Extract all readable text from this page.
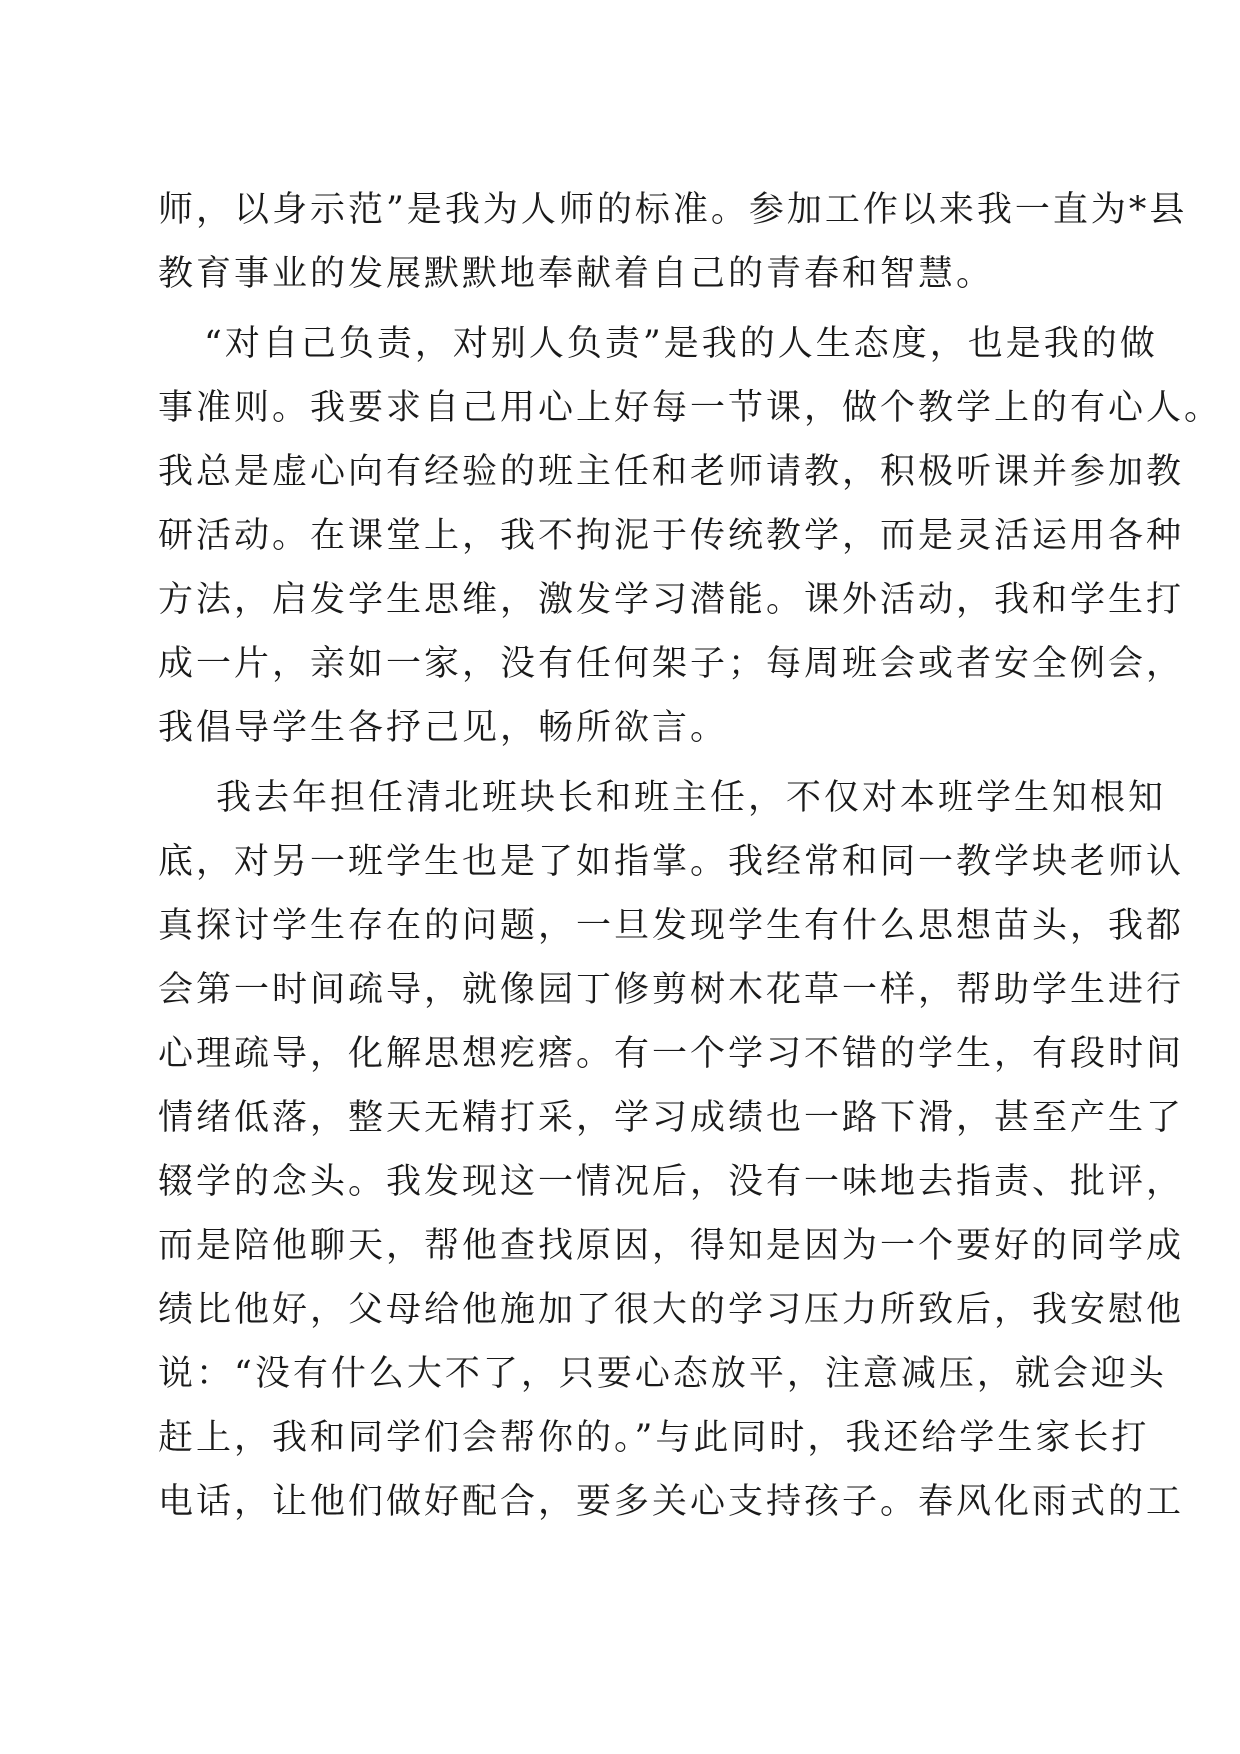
师，以身示范”是我为人师的标准。参加工作以来我一直为*县
教育事业的发展默默地奉献着自己的青春和智慧。
“对自己负责，对别人负责”是我的人生态度，也是我的做
事准则。我要求自己用心上好每一节课，做个教学上的有心人。
我总是虚心向有经验的班主任和老师请教，积极听课并参加教
研活动。在课堂上，我不拘泥于传统教学，而是灵活运用各种
方法，启发学生思维，激发学习潜能。课外活动，我和学生打
成一片，亲如一家，没有任何架子；每周班会或者安全例会，
我倡导学生各抒己见，畅所欲言。
我去年担任清北班块长和班主任，不仅对本班学生知根知
底，对另一班学生也是了如指掌。我经常和同一教学块老师认
真探讨学生存在的问题，一旦发现学生有什么思想苗头，我都
会第一时间疏导，就像园丁修剪树木花草一样，帮助学生进行
心理疏导，化解思想疙瘩。有一个学习不错的学生，有段时间
情绪低落，整天无精打采，学习成绩也一路下滑，甚至产生了
辍学的念头。我发现这一情况后，没有一味地去指责、批评，
而是陪他聊天，帮他查找原因，得知是因为一个要好的同学成
绩比他好，父母给他施加了很大的学习压力所致后，我安慰他
说：“没有什么大不了，只要心态放平，注意减压，就会迎头
赶上，我和同学们会帮你的。”与此同时，我还给学生家长打
电话，让他们做好配合，要多关心支持孩子。春风化雨式的工
